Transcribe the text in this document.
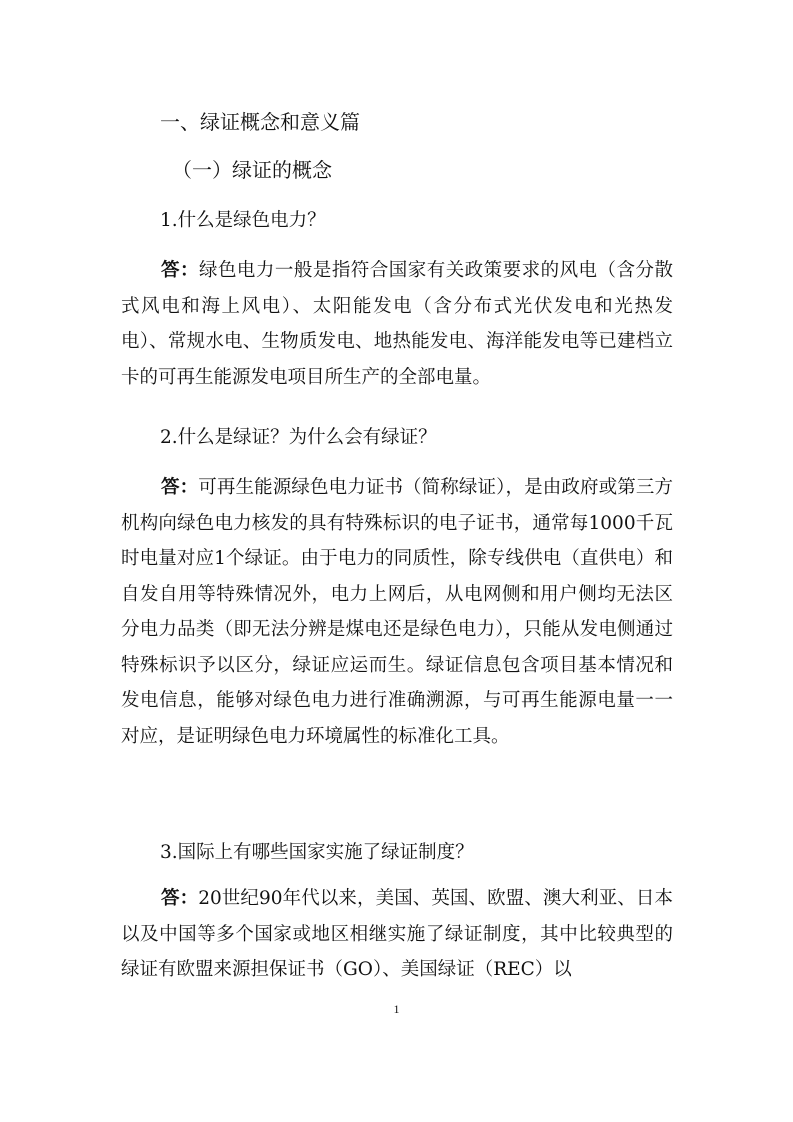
一、绿证概念和意义篇
（一）绿证的概念
1.什么是绿色电力？

答：绿色电力一般是指符合国家有关政策要求的风电（含分散式风电和海上风电）、太阳能发电（含分布式光伏发电和光热发电）、常规水电、生物质发电、地热能发电、海洋能发电等已建档立卡的可再生能源发电项目所生产的全部电量。

2.什么是绿证？为什么会有绿证？

答：可再生能源绿色电力证书（简称绿证），是由政府或第三方机构向绿色电力核发的具有特殊标识的电子证书，通常每1000千瓦时电量对应1个绿证。由于电力的同质性，除专线供电（直供电）和自发自用等特殊情况外，电力上网后，从电网侧和用户侧均无法区分电力品类（即无法分辨是煤电还是绿色电力），只能从发电侧通过特殊标识予以区分，绿证应运而生。绿证信息包含项目基本情况和发电信息，能够对绿色电力进行准确溯源，与可再生能源电量一一对应，是证明绿色电力环境属性的标准化工具。

3.国际上有哪些国家实施了绿证制度？

答：20世纪90年代以来，美国、英国、欧盟、澳大利亚、日本以及中国等多个国家或地区相继实施了绿证制度，其中比较典型的绿证有欧盟来源担保证书（GO）、美国绿证（REC）以

1
